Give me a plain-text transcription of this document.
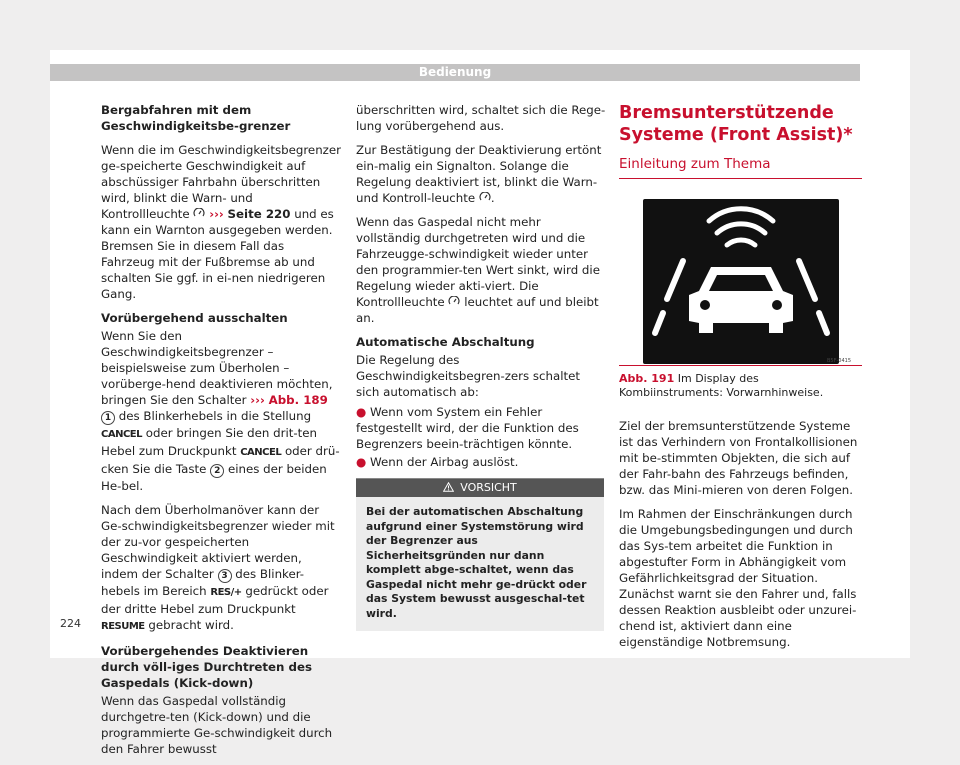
Bedienung

Bergabfahren mit dem Geschwindigkeitsbe-grenzer

Wenn die im Geschwindigkeitsbegrenzer ge-speicherte Geschwindigkeit auf abschüssiger Fahrbahn überschritten wird, blinkt die Warn- und Kontrollleuchte ››› Seite 220 und es kann ein Warnton ausgegeben werden. Bremsen Sie in diesem Fall das Fahrzeug mit der Fußbremse ab und schalten Sie ggf. in ei-nen niedrigeren Gang.

Vorübergehend ausschalten

Wenn Sie den Geschwindigkeitsbegrenzer – beispielsweise zum Überholen – vorüberge-hend deaktivieren möchten, bringen Sie den Schalter ››› Abb. 189 1 des Blinkerhebels in die Stellung CANCEL oder bringen Sie den drit-ten Hebel zum Druckpunkt CANCEL oder drü-cken Sie die Taste 2 eines der beiden He-bel.

Nach dem Überholmanöver kann der Ge-schwindigkeitsbegrenzer wieder mit der zu-vor gespeicherten Geschwindigkeit aktiviert werden, indem der Schalter 3 des Blinker-hebels im Bereich RES/+ gedrückt oder der dritte Hebel zum Druckpunkt RESUME gebracht wird.

Vorübergehendes Deaktivieren durch völl-iges Durchtreten des Gaspedals (Kick-down)

Wenn das Gaspedal vollständig durchgetre-ten (Kick-down) und die programmierte Ge-schwindigkeit durch den Fahrer bewusst

überschritten wird, schaltet sich die Rege-lung vorübergehend aus.

Zur Bestätigung der Deaktivierung ertönt ein-malig ein Signalton. Solange die Regelung deaktiviert ist, blinkt die Warn- und Kontroll-leuchte .

Wenn das Gaspedal nicht mehr vollständig durchgetreten wird und die Fahrzeugge-schwindigkeit wieder unter den programmier-ten Wert sinkt, wird die Regelung wieder akti-viert. Die Kontrollleuchte leuchtet auf und bleibt an.

Automatische Abschaltung

Die Regelung des Geschwindigkeitsbegren-zers schaltet sich automatisch ab:

● Wenn vom System ein Fehler festgestellt wird, der die Funktion des Begrenzers beein-trächtigen könnte.

● Wenn der Airbag auslöst.

VORSICHT
Bei der automatischen Abschaltung aufgrund einer Systemstörung wird der Begrenzer aus Sicherheitsgründen nur dann komplett abge-schaltet, wenn das Gaspedal nicht mehr ge-drückt oder das System bewusst ausgeschal-tet wird.

Bremsunterstützende Systeme (Front Assist)*

Einleitung zum Thema
B5F-0415
Abb. 191 Im Display des Kombiinstruments: Vorwarnhinweise.

Ziel der bremsunterstützende Systeme ist das Verhindern von Frontalkollisionen mit be-stimmten Objekten, die sich auf der Fahr-bahn des Fahrzeugs befinden, bzw. das Mini-mieren von deren Folgen.

Im Rahmen der Einschränkungen durch die Umgebungsbedingungen und durch das Sys-tem arbeitet die Funktion in abgestufter Form in Abhängigkeit vom Gefährlichkeitsgrad der Situation. Zunächst warnt sie den Fahrer und, falls dessen Reaktion ausbleibt oder unzurei-chend ist, aktiviert dann eine eigenständige Notbremsung.

224
